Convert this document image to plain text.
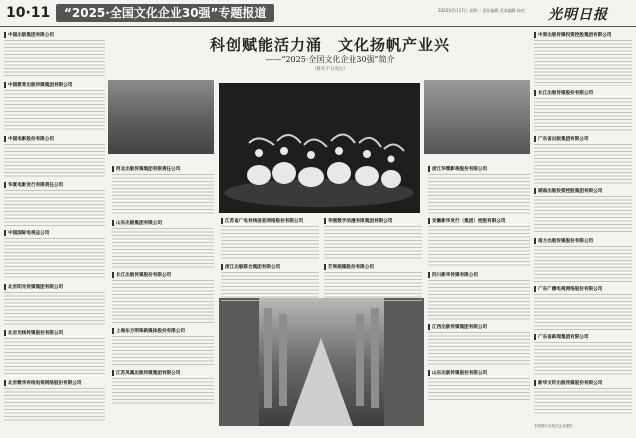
10·11	“2025·全国文化企业30强”专题报道	2025年5月27日 星期二 责任编辑 美术编辑 校对 光明日报
科创赋能活力涌　文化扬帆产业兴
——“2025·全国文化企业30强”简介
（排名不分先后）
中国出版集团有限公司
中国教育出版传媒集团有限公司
中国电影股份有限公司
华夏电影发行有限责任公司
中国国际电视总公司
北京阳光传媒集团有限公司
北京光线传媒股份有限公司
北京歌华有线电视网络股份有限公司
河北出版传媒集团有限责任公司
山东出版集团有限公司
长江出版传媒股份有限公司
上海东方明珠新媒体股份有限公司
江苏凤凰出版传媒集团有限公司
江苏省广电有线信息网络股份有限公司
浙江出版联合集团有限公司
华强数字动漫有限集团有限公司
芒果超媒股份有限公司
浙江华策影视股份有限公司
安徽新华发行（集团）控股有限公司
四川新华传媒有限公司
江西出版传媒集团有限公司
山东出版传媒股份有限公司
中原出版传媒投资控股集团有限公司
长江出版传媒股份有限公司
广东省出版集团有限公司
湖南出版投资控股集团有限公司
南方出版传媒股份有限公司
广东广播电视网络股份有限公司
广东省新闻集团有限公司
新华文轩出版传媒股份有限公司
本版图片由相关企业提供
